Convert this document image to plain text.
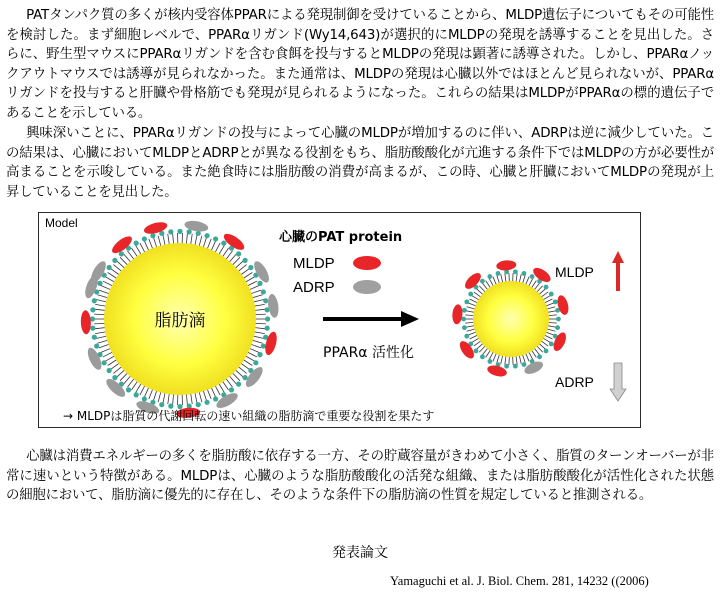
PATタンパク質の多くが核内受容体PPARによる発現制御を受けていることから、MLDP遺伝子についてもその可能性を検討した。まず細胞レベルで、PPARαリガンド(Wy14,643)が選択的にMLDPの発現を誘導することを見出した。さらに、野生型マウスにPPARαリガンドを含む食餌を投与するとMLDPの発現は顕著に誘導された。しかし、PPARαノックアウトマウスでは誘導が見られなかった。また通常は、MLDPの発現は心臓以外ではほとんど見られないが、PPARαリガンドを投与すると肝臓や骨格筋でも発現が見られるようになった。これらの結果はMLDPがPPARαの標的遺伝子であることを示している。

興味深いことに、PPARαリガンドの投与によって心臓のMLDPが増加するのに伴い、ADRPは逆に減少していた。この結果は、心臓においてMLDPとADRPとが異なる役割をもち、脂肪酸酸化が亢進する条件下ではMLDPの方が必要性が高まることを示唆している。また絶食時には脂肪酸の消費が高まるが、この時、心臓と肝臓においてMLDPの発現が上昇していることを見出した。

Model
脂肪滴
心臓のPAT protein
MLDP
ADRP
PPARα 活性化
MLDP
ADRP
→ MLDPは脂質の代謝回転の速い組織の脂肪滴で重要な役割を果たす

心臓は消費エネルギーの多くを脂肪酸に依存する一方、その貯蔵容量がきわめて小さく、脂質のターンオーバーが非常に速いという特徴がある。MLDPは、心臓のような脂肪酸酸化の活発な組織、または脂肪酸酸化が活性化された状態の細胞において、脂肪滴に優先的に存在し、そのような条件下の脂肪滴の性質を規定していると推測される。

発表論文
Yamaguchi et al. J. Biol. Chem. 281, 14232 ((2006)
